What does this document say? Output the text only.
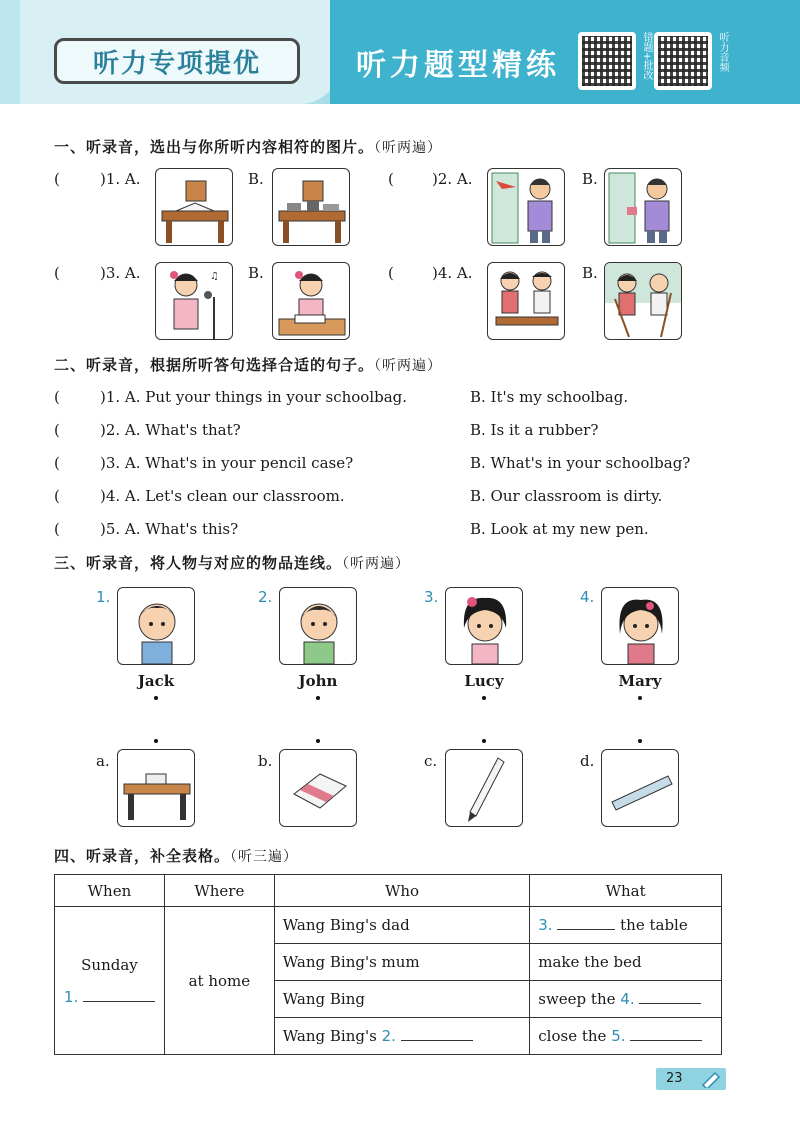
听力专项提优	听力题型精练	错题+批改	听力音频
一、听录音，选出与你所听内容相符的图片。（听两遍）
(	)1. A.	B.	(	)2. A.	B.
(	)3. A.	♫ B.	(	)4. A.	B.
二、听录音，根据所听答句选择合适的句子。（听两遍）
(	)1. A. Put your things in your schoolbag.	B. It's my schoolbag.
(	)2. A. What's that?	B. Is it a rubber?
(	)3. A. What's in your pencil case?	B. What's in your schoolbag?
(	)4. A. Let's clean our classroom.	B. Our classroom is dirty.
(	)5. A. What's this?	B. Look at my new pen.
三、听录音，将人物与对应的物品连线。（听两遍）
1.
Jack
2.
John
3.
Lucy
4.
Mary
a.	b.	c.	d.
四、听录音，补全表格。（听三遍）
When	Where	Who	What

Sunday
1.	at home	Wang Bing's dad	3. the table
		Wang Bing's mum	make the bed
		Wang Bing	sweep the 4.
		Wang Bing's 2.	close the 5.
23
